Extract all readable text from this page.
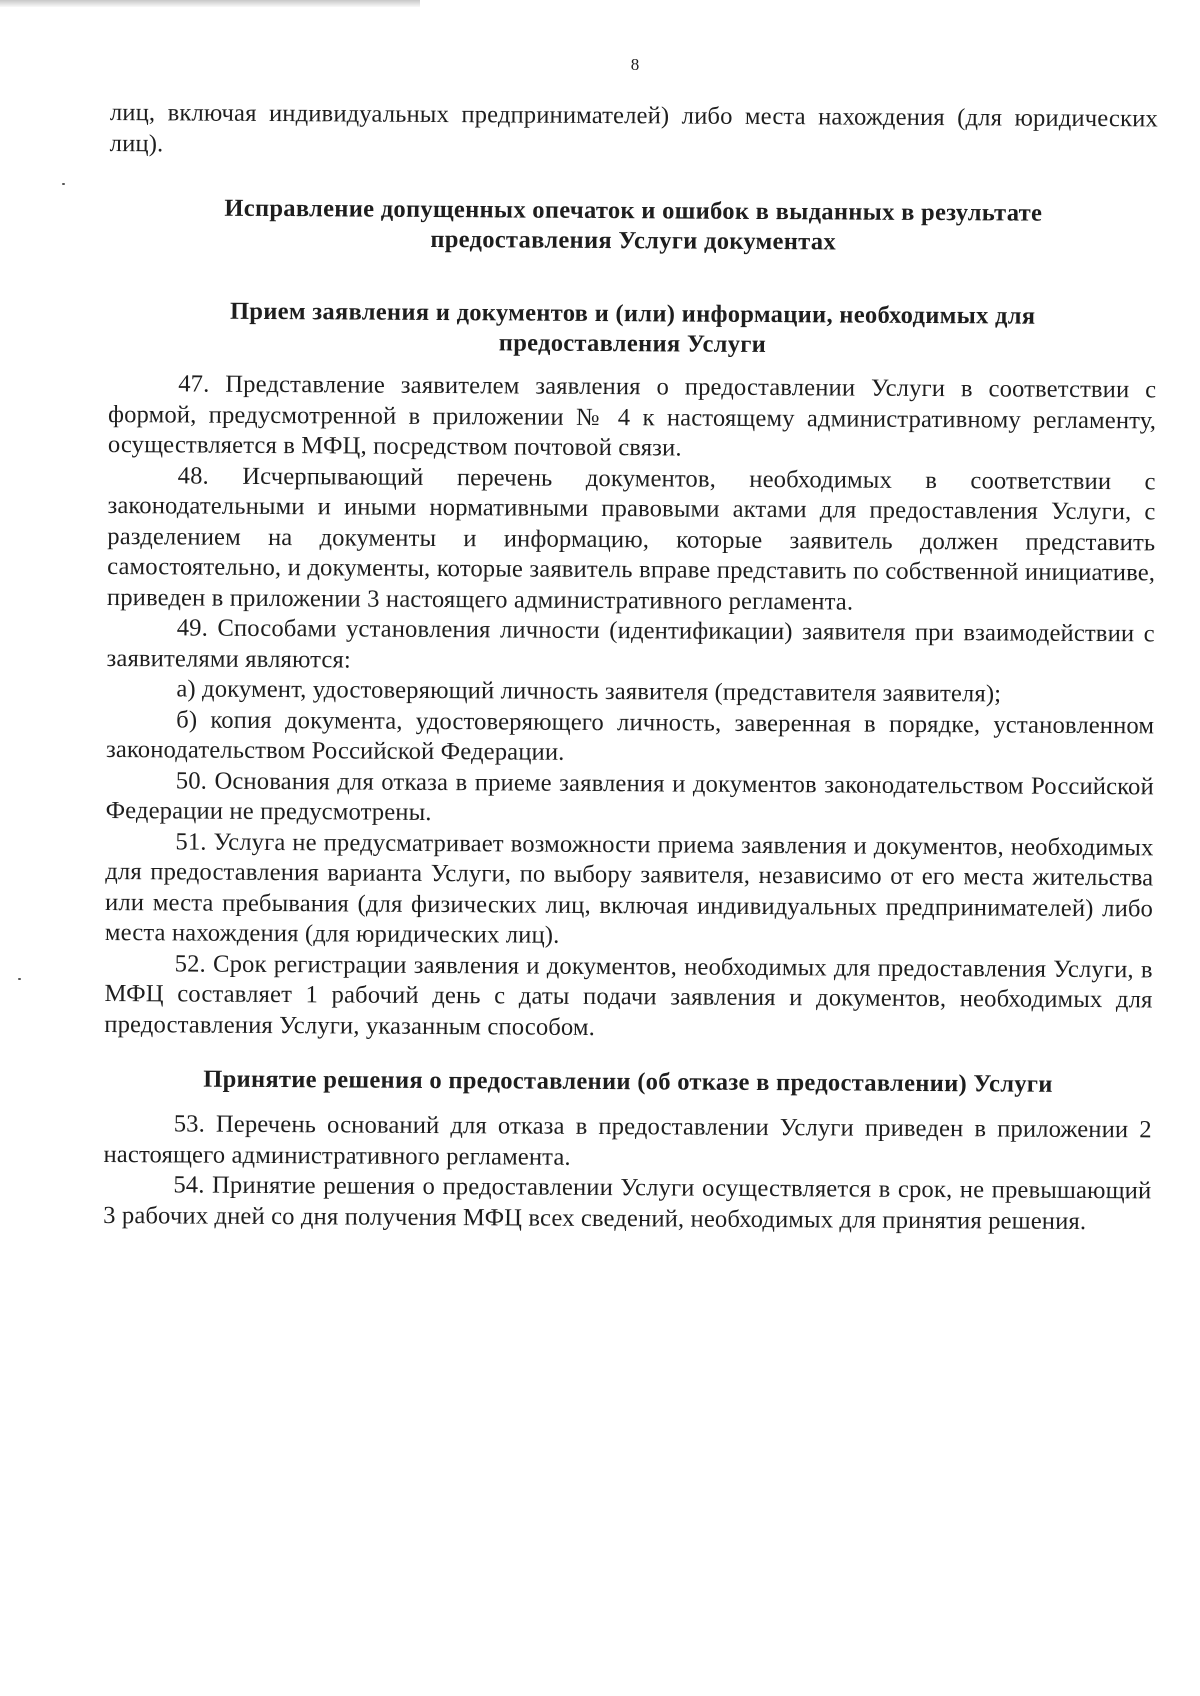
8

лиц, включая индивидуальных предпринимателей) либо места нахождения (для юридических лиц).

Исправление допущенных опечаток и ошибок в выданных в результате предоставления Услуги документах
Прием заявления и документов и (или) информации, необходимых для предоставления Услуги

47. Представление заявителем заявления о предоставлении Услуги в соответствии с формой, предусмотренной в приложении № 4 к настоящему административному регламенту, осуществляется в МФЦ, посредством почтовой связи.

48. Исчерпывающий перечень документов, необходимых в соответствии с законодательными и иными нормативными правовыми актами для предоставления Услуги, с разделением на документы и информацию, которые заявитель должен представить самостоятельно, и документы, которые заявитель вправе представить по собственной инициативе, приведен в приложении 3 настоящего административного регламента.

49. Способами установления личности (идентификации) заявителя при взаимодействии с заявителями являются:

а) документ, удостоверяющий личность заявителя (представителя заявителя);

б) копия документа, удостоверяющего личность, заверенная в порядке, установленном законодательством Российской Федерации.

50. Основания для отказа в приеме заявления и документов законодательством Российской Федерации не предусмотрены.

51. Услуга не предусматривает возможности приема заявления и документов, необходимых для предоставления варианта Услуги, по выбору заявителя, независимо от его места жительства или места пребывания (для физических лиц, включая индивидуальных предпринимателей) либо места нахождения (для юридических лиц).

52. Срок регистрации заявления и документов, необходимых для предоставления Услуги, в МФЦ составляет 1 рабочий день с даты подачи заявления и документов, необходимых для предоставления Услуги, указанным способом.

Принятие решения о предоставлении (об отказе в предоставлении) Услуги

53. Перечень оснований для отказа в предоставлении Услуги приведен в приложении 2 настоящего административного регламента.

54. Принятие решения о предоставлении Услуги осуществляется в срок, не превышающий 3 рабочих дней со дня получения МФЦ всех сведений, необходимых для принятия решения.
